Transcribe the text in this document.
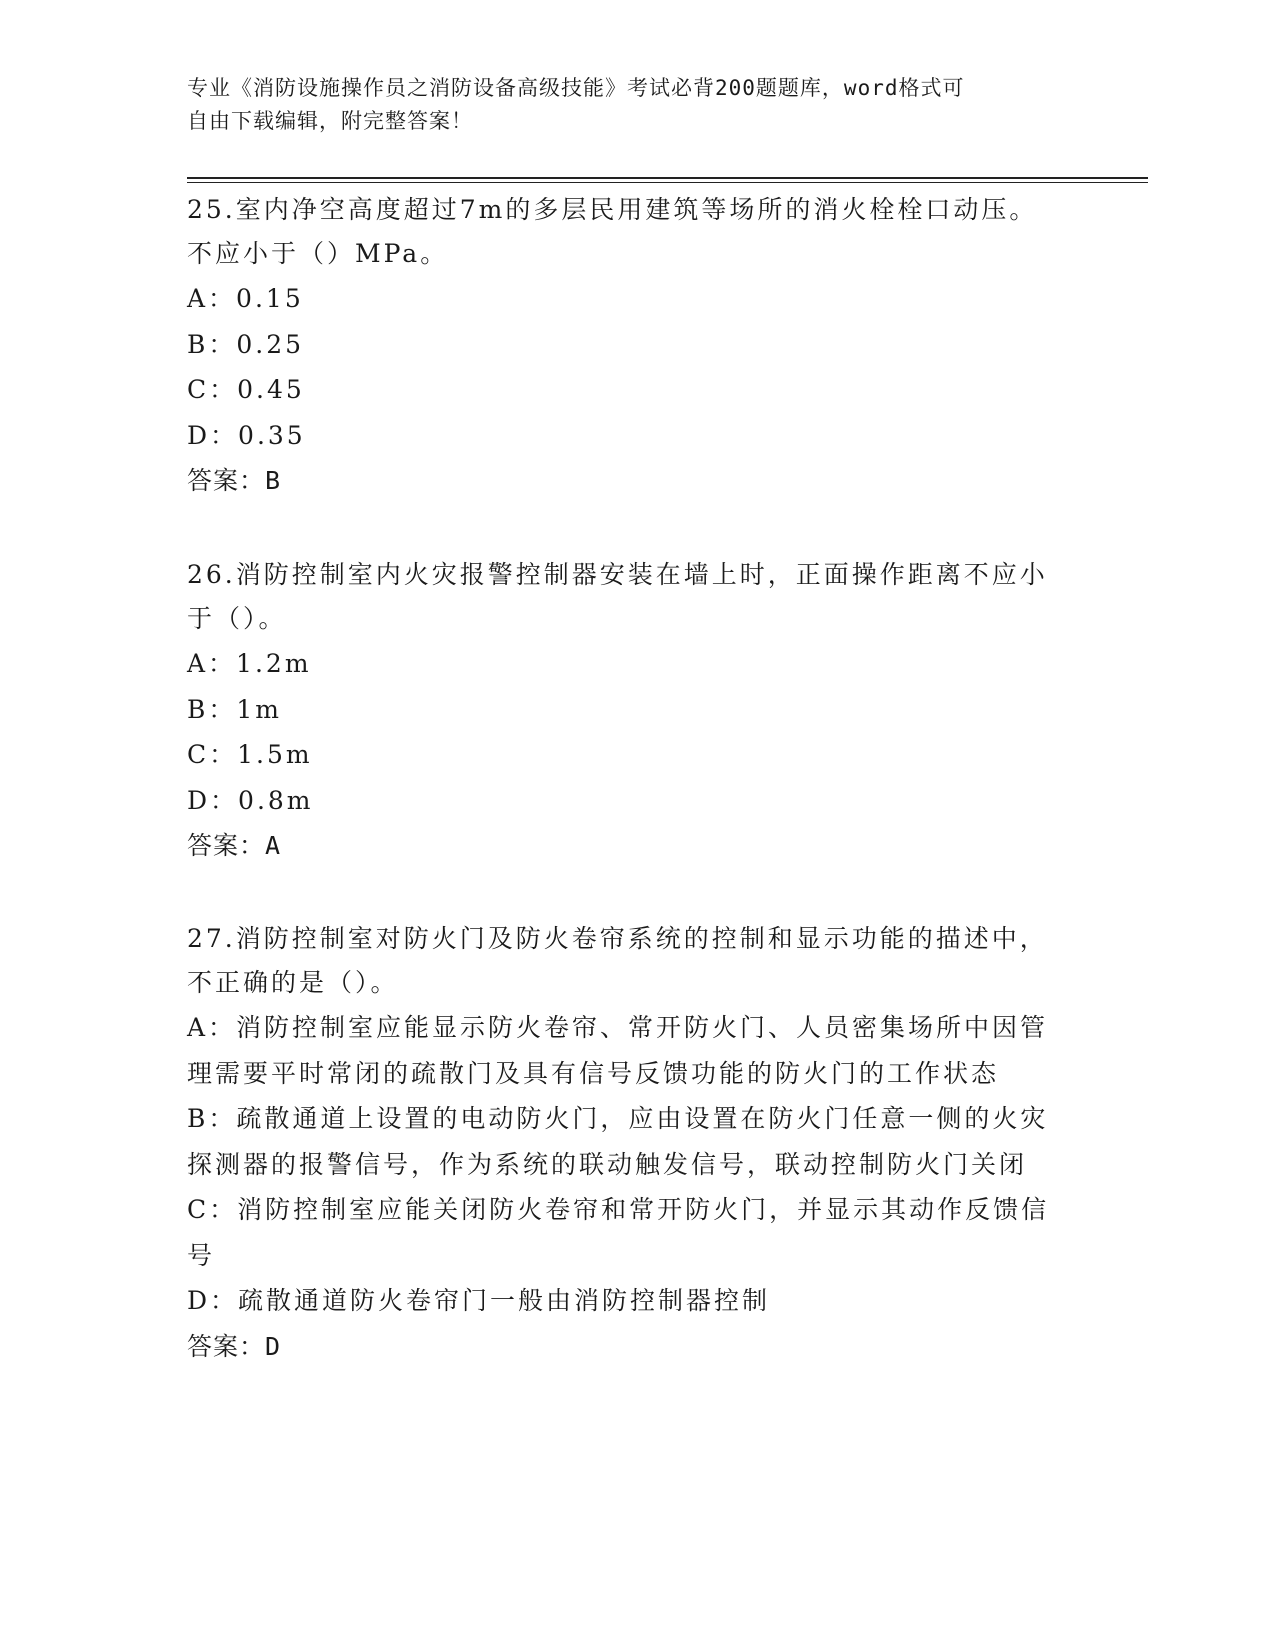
专业《消防设施操作员之消防设备高级技能》考试必背200题题库，word格式可
自由下载编辑，附完整答案！
25.室内净空高度超过7m的多层民用建筑等场所的消火栓栓口动压。
不应小于（）MPa。
A：0.15
B：0.25
C：0.45
D：0.35
答案：B
26.消防控制室内火灾报警控制器安装在墙上时，正面操作距离不应小
于（）。
A：1.2m
B：1m
C：1.5m
D：0.8m
答案：A
27.消防控制室对防火门及防火卷帘系统的控制和显示功能的描述中，
不正确的是（）。
A：消防控制室应能显示防火卷帘、常开防火门、人员密集场所中因管
理需要平时常闭的疏散门及具有信号反馈功能的防火门的工作状态
B：疏散通道上设置的电动防火门，应由设置在防火门任意一侧的火灾
探测器的报警信号，作为系统的联动触发信号，联动控制防火门关闭
C：消防控制室应能关闭防火卷帘和常开防火门，并显示其动作反馈信
号
D：疏散通道防火卷帘门一般由消防控制器控制
答案：D
